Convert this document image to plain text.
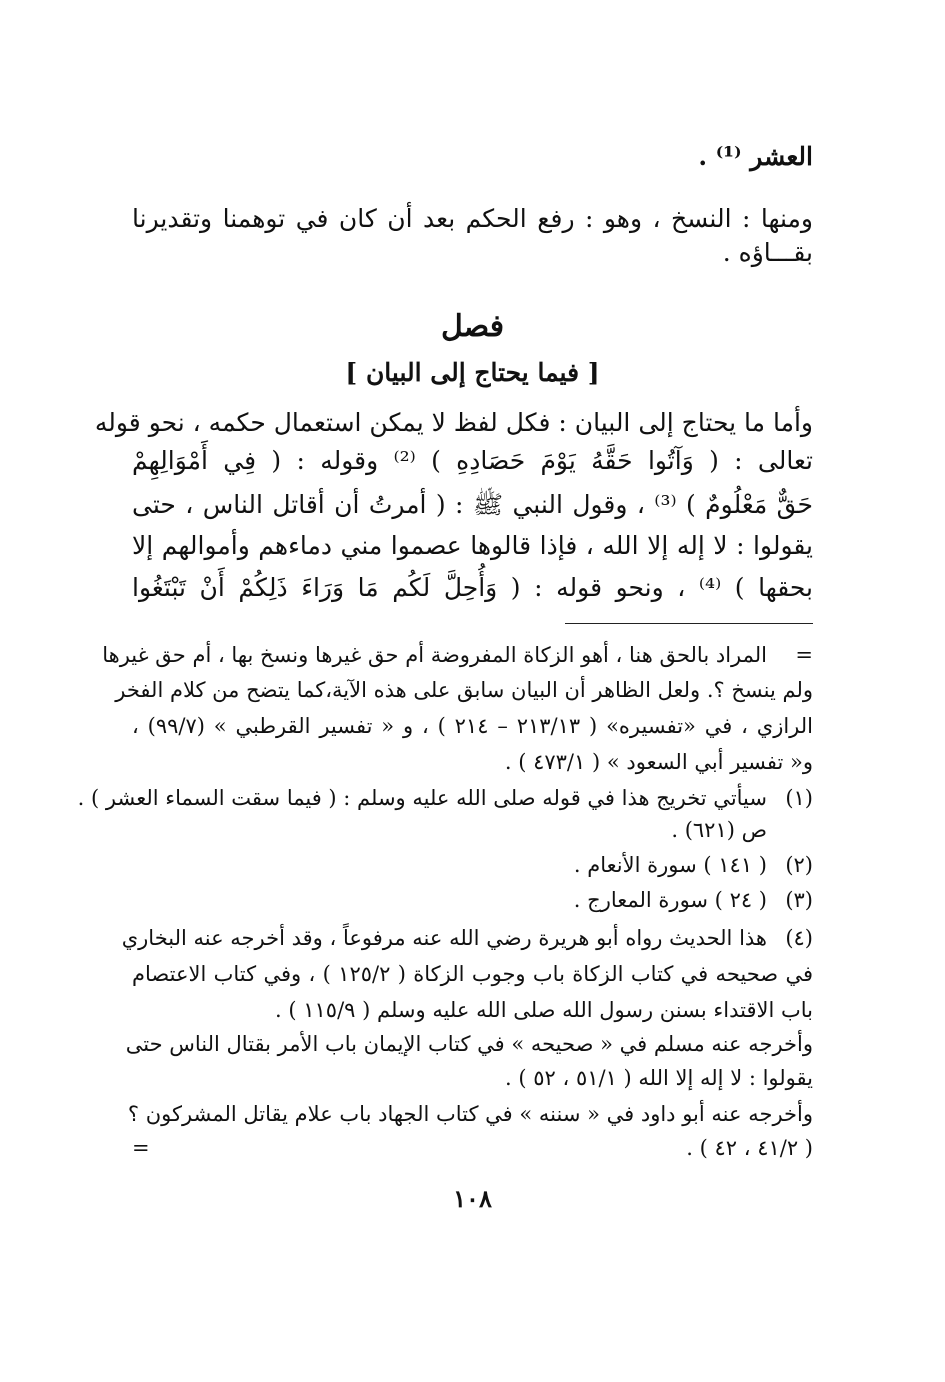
العشر ⁽¹⁾ .
ومنها : النسخ ، وهو : رفع الحكم بعد أن كان في توهمنا وتقديرنا
بقـــاؤه .
فصل
[ فيما يحتاج إلى البيان ]
وأما ما يحتاج إلى البيان : فكل لفظ لا يمكن استعمال حكمه ، نحو قوله
تعالى : ( وَآتُوا حَقَّهُ يَوْمَ حَصَادِهِ ) ⁽²⁾ وقوله : ( فِي أَمْوَالِهِمْ
حَقٌّ مَعْلُومٌ ) ⁽³⁾ ، وقول النبي ﷺ : ( أمرتُ أن أقاتل الناس ، حتى
يقولوا : لا إله إلا الله ، فإذا قالوها عصموا مني دماءهم وأموالهم إلا
بحقها ) ⁽⁴⁾ ، ونحو قوله : ( وَأُحِلَّ لَكُم مَا وَرَاءَ ذَلِكُمْ أَنْ تَبْتَغُوا
=
المراد بالحق هنا ، أهو الزكاة المفروضة أم حق غيرها ونسخ بها ، أم حق غيرها
ولم ينسخ ؟. ولعل الظاهر أن البيان سابق على هذه الآية،كما يتضح من كلام الفخر
الرازي ، في «تفسيره» ( ٢١٣/١٣ – ٢١٤ ) ، و « تفسير القرطبي » (٩٩/٧) ،
و« تفسير أبي السعود » ( ٤٧٣/١ ) .
(١)
سيأتي تخريج هذا في قوله صلى الله عليه وسلم : ( فيما سقت السماء العشر ) .
ص (٦٢١) .
(٢)
( ١٤١ ) سورة الأنعام .
(٣)
( ٢٤ ) سورة المعارج .
(٤)
هذا الحديث رواه أبو هريرة رضي الله عنه مرفوعاً ، وقد أخرجه عنه البخاري
في صحيحه في كتاب الزكاة باب وجوب الزكاة ( ١٢٥/٢ ) ، وفي كتاب الاعتصام
باب الاقتداء بسنن رسول الله صلى الله عليه وسلم ( ١١٥/٩ ) .
وأخرجه عنه مسلم في « صحيحه » في كتاب الإيمان باب الأمر بقتال الناس حتى
يقولوا : لا إله إلا الله ( ٥١/١ ، ٥٢ ) .
وأخرجه عنه أبو داود في « سننه » في كتاب الجهاد باب علام يقاتل المشركون ؟
( ٤١/٢ ، ٤٢ ) .
=
١٠٨
